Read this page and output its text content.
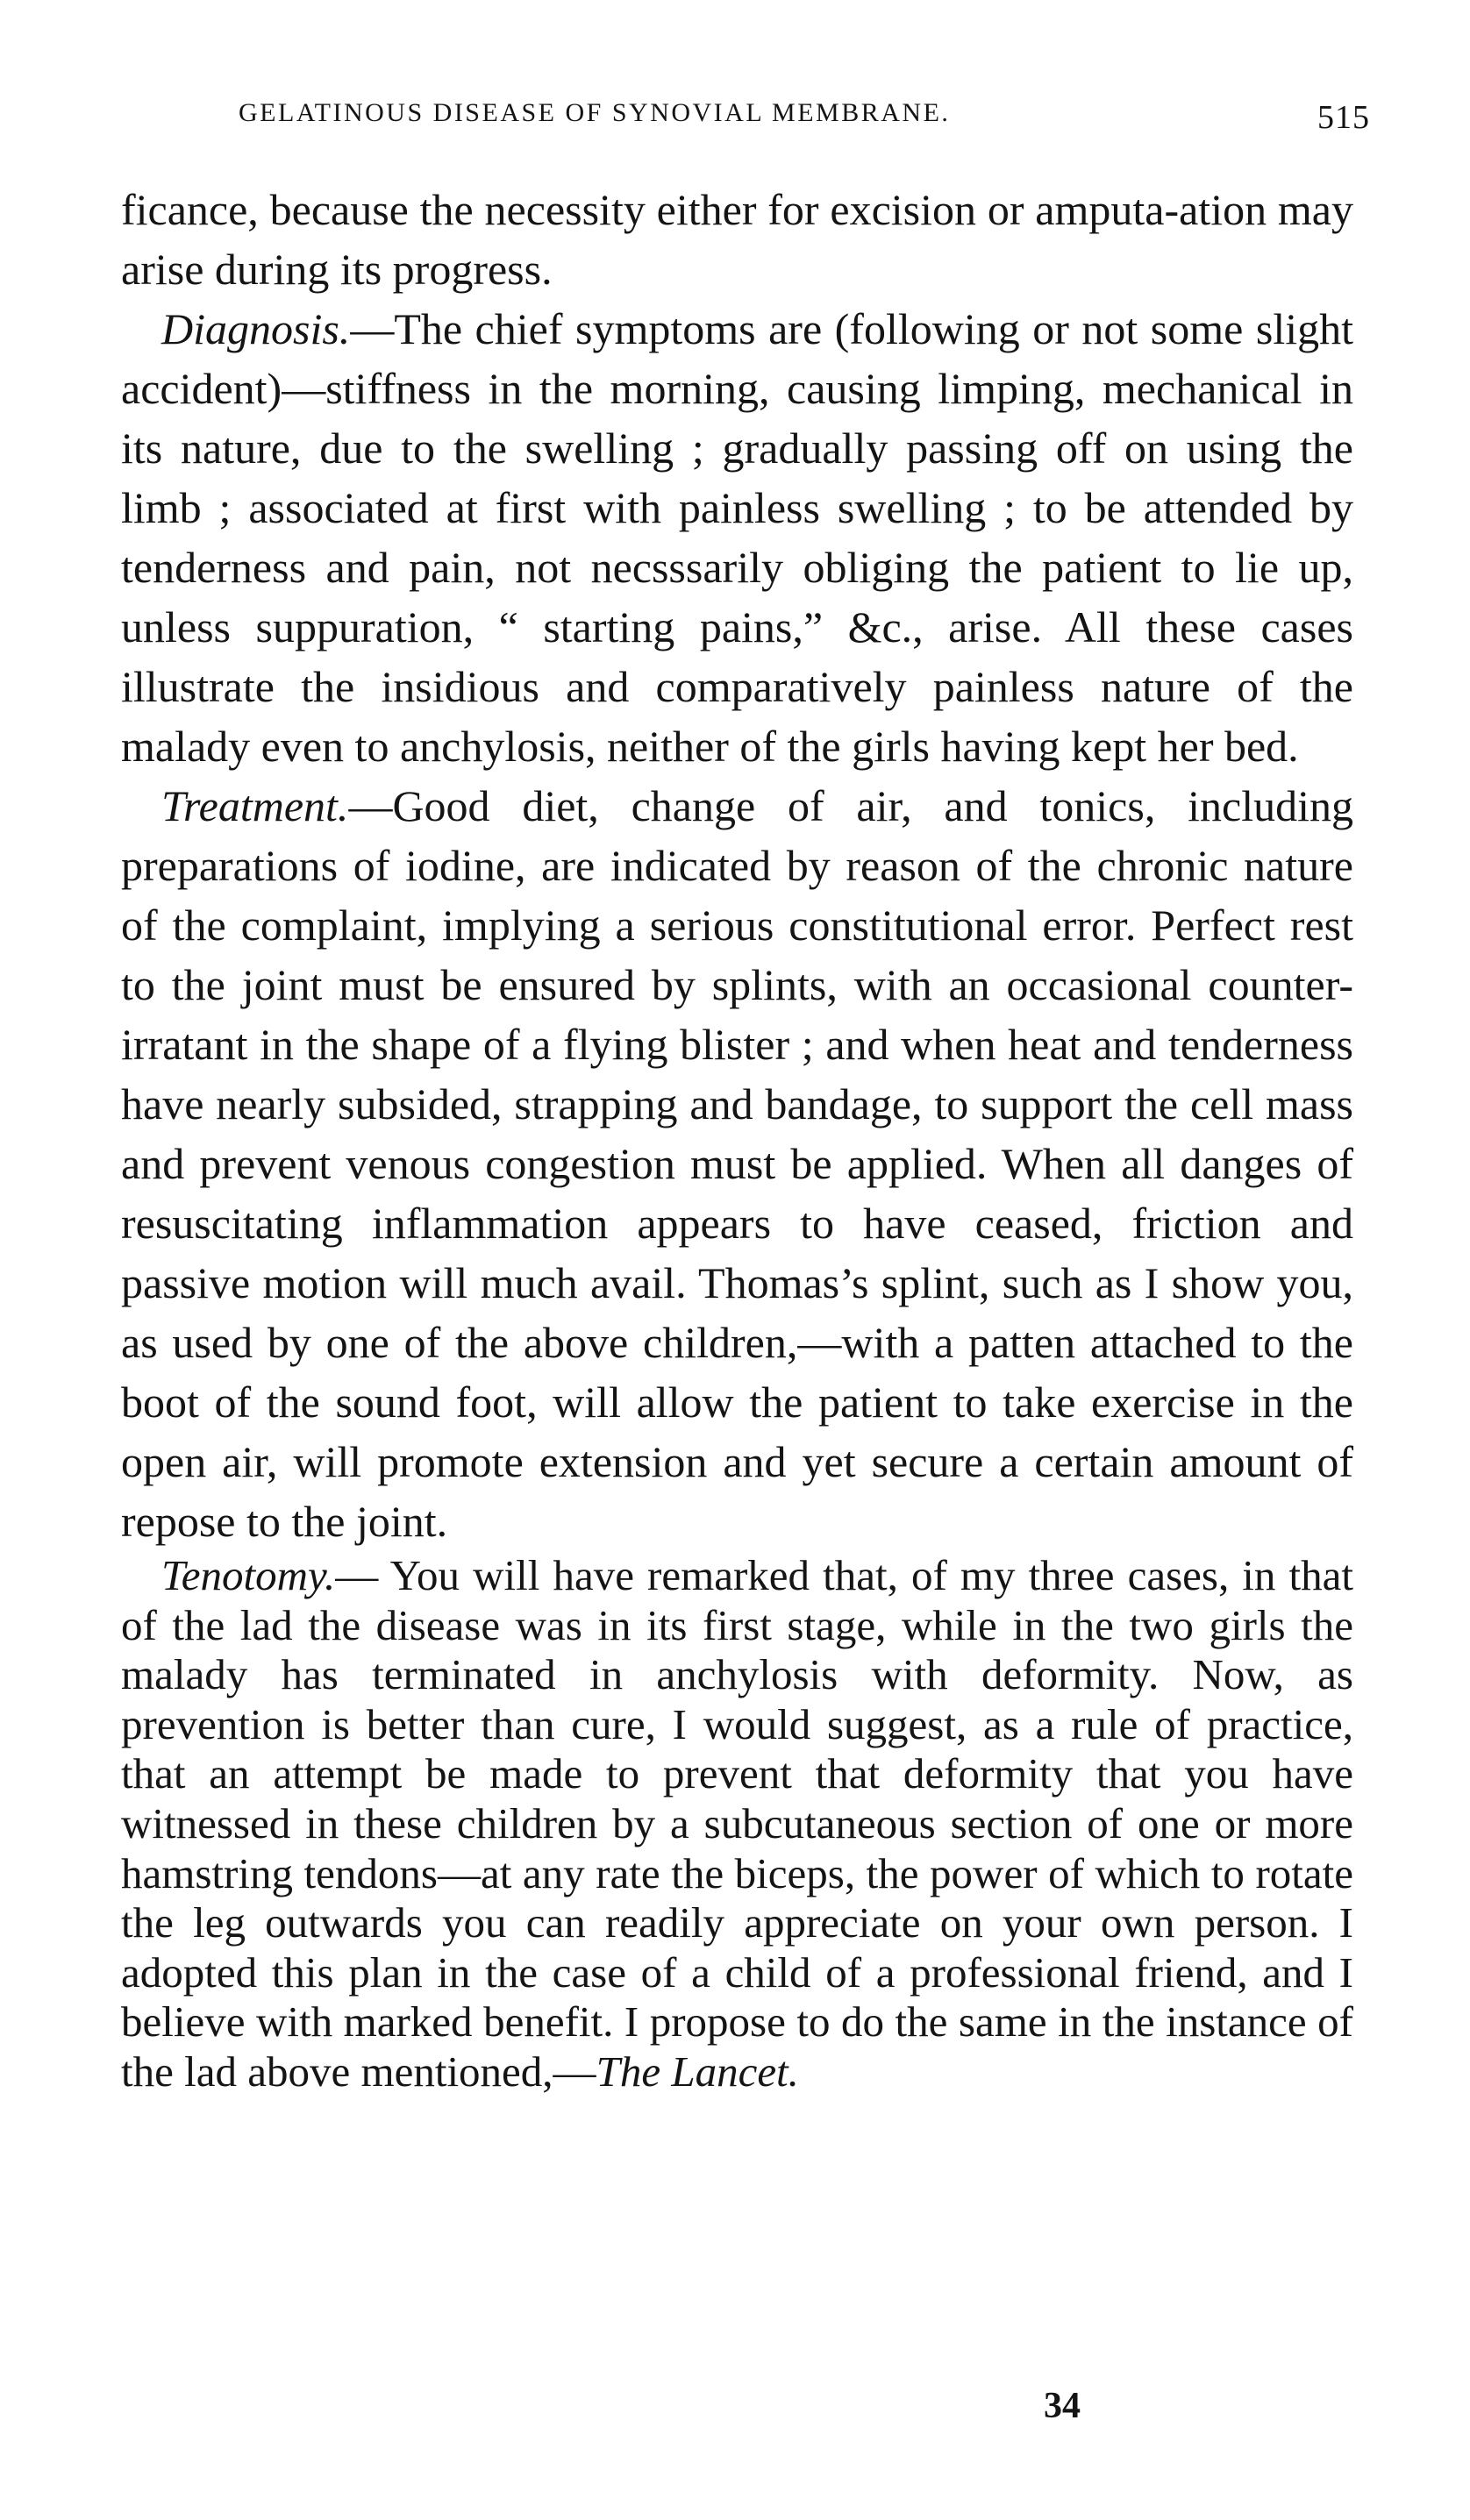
GELATINOUS DISEASE OF SYNOVIAL MEMBRANE.	515

ficance, because the necessity either for excision or amputa-ation may arise during its progress.

Diagnosis.—The chief symptoms are (following or not some slight accident)—stiffness in the morning, causing limping, mechanical in its nature, due to the swelling ; gradually passing off on using the limb ; associated at first with painless swelling ; to be attended by tenderness and pain, not necsssarily obliging the patient to lie up, unless suppuration, “ starting pains,” &c., arise. All these cases illustrate the insidious and comparatively painless nature of the malady even to anchylosis, neither of the girls having kept her bed.

Treatment.—Good diet, change of air, and tonics, including preparations of iodine, are indicated by reason of the chronic nature of the complaint, implying a serious constitutional error. Perfect rest to the joint must be ensured by splints, with an occasional counter-irratant in the shape of a flying blister ; and when heat and tenderness have nearly subsided, strapping and bandage, to support the cell mass and prevent venous congestion must be applied. When all danges of resuscitating inflammation appears to have ceased, friction and passive motion will much avail. Thomas’s splint, such as I show you, as used by one of the above children,—with a patten attached to the boot of the sound foot, will allow the patient to take exercise in the open air, will promote extension and yet secure a certain amount of repose to the joint.

Tenotomy.— You will have remarked that, of my three cases, in that of the lad the disease was in its first stage, while in the two girls the malady has terminated in anchylosis with deformity. Now, as prevention is better than cure, I would suggest, as a rule of practice, that an attempt be made to prevent that deformity that you have witnessed in these children by a subcutaneous section of one or more hamstring tendons—at any rate the biceps, the power of which to rotate the leg outwards you can readily appreciate on your own person. I adopted this plan in the case of a child of a professional friend, and I believe with marked benefit. I propose to do the same in the instance of the lad above mentioned,—The Lancet.

34
